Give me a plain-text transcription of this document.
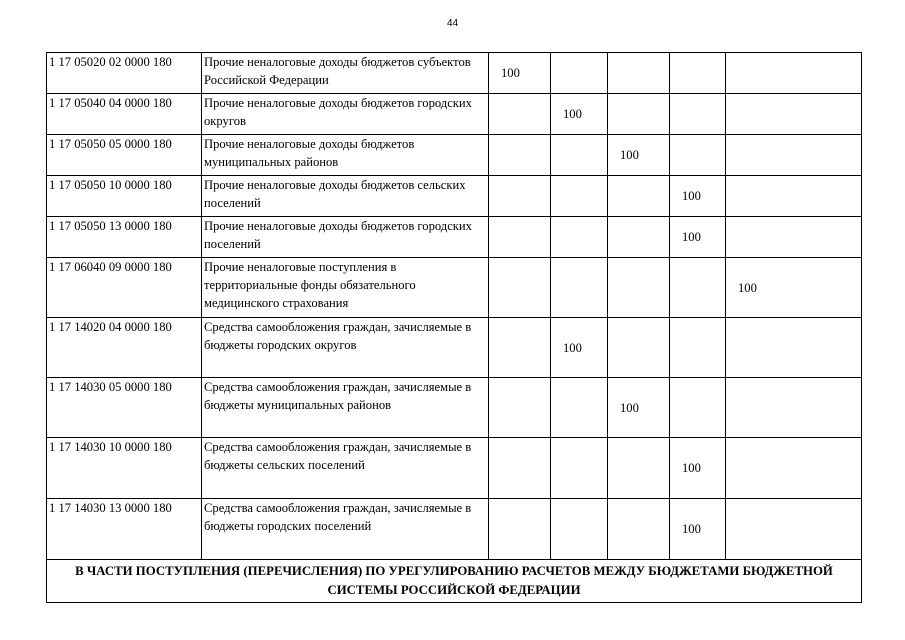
44
1 17 05020 02 0000 180	Прочие неналоговые доходы бюджетов субъектов Российской Федерации	100				
1 17 05040 04 0000 180	Прочие неналоговые доходы бюджетов городских округов		100			
1 17 05050 05 0000 180	Прочие неналоговые доходы бюджетов муниципальных районов			100		
1 17 05050 10 0000 180	Прочие неналоговые доходы бюджетов сельских поселений				100	
1 17 05050 13 0000 180	Прочие неналоговые доходы бюджетов городских поселений				100	
1 17 06040 09 0000 180	Прочие неналоговые поступления в территориальные фонды обязательного медицинского страхования					100
1 17 14020 04 0000 180	Средства самообложения граждан, зачисляемые в бюджеты городских округов		100			
1 17 14030 05 0000 180	Средства самообложения граждан, зачисляемые в бюджеты муниципальных районов			100		
1 17 14030 10 0000 180	Средства самообложения граждан, зачисляемые в бюджеты сельских поселений				100	
1 17 14030 13 0000 180	Средства самообложения граждан, зачисляемые в бюджеты городских поселений				100	
В ЧАСТИ ПОСТУПЛЕНИЯ (ПЕРЕЧИСЛЕНИЯ) ПО УРЕГУЛИРОВАНИЮ РАСЧЕТОВ МЕЖДУ БЮДЖЕТАМИ БЮДЖЕТНОЙ СИСТЕМЫ РОССИЙСКОЙ ФЕДЕРАЦИИ						
